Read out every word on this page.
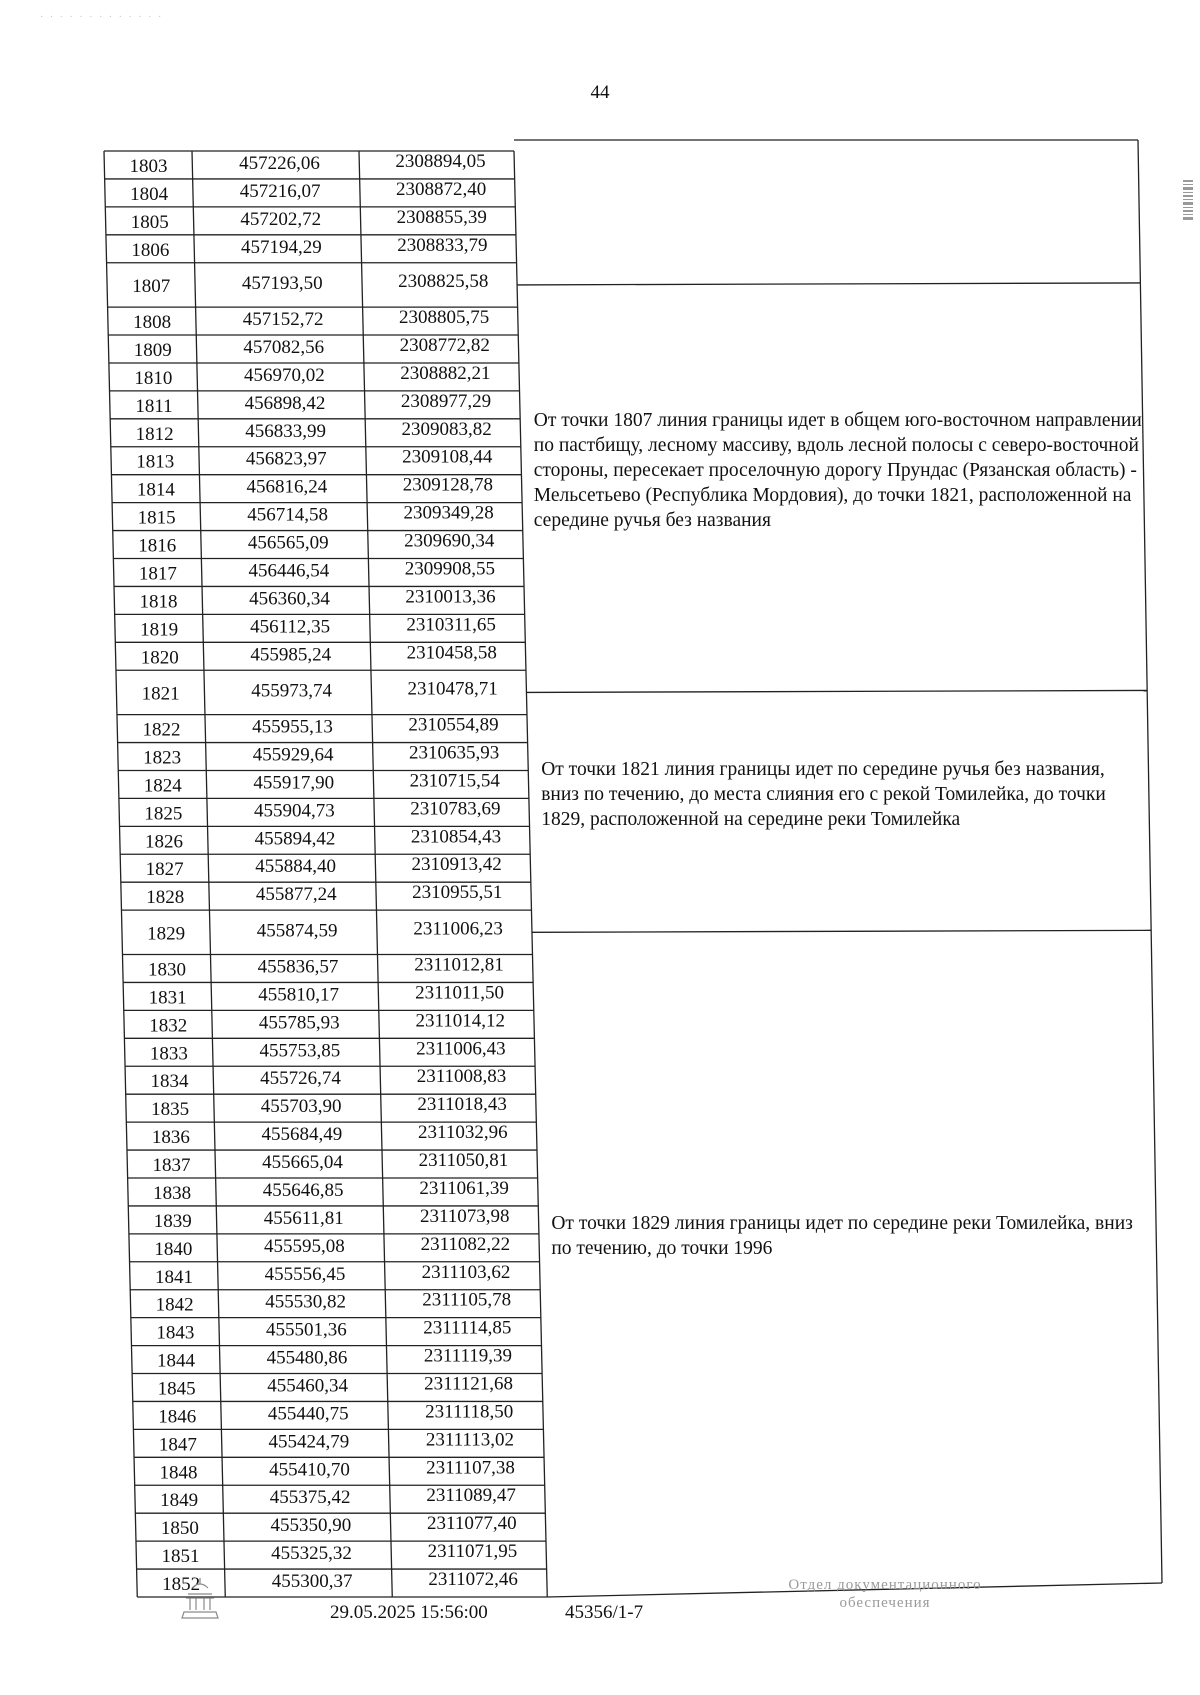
· · · · · · · · · · · · ·
44
1803	457226,06	2308894,05
1804	457216,07	2308872,40
1805	457202,72	2308855,39
1806	457194,29	2308833,79
1807	457193,50	2308825,58
1808	457152,72	2308805,75
1809	457082,56	2308772,82
1810	456970,02	2308882,21
1811	456898,42	2308977,29
1812	456833,99	2309083,82
1813	456823,97	2309108,44
1814	456816,24	2309128,78
1815	456714,58	2309349,28
1816	456565,09	2309690,34
1817	456446,54	2309908,55
1818	456360,34	2310013,36
1819	456112,35	2310311,65
1820	455985,24	2310458,58
1821	455973,74	2310478,71
1822	455955,13	2310554,89
1823	455929,64	2310635,93
1824	455917,90	2310715,54
1825	455904,73	2310783,69
1826	455894,42	2310854,43
1827	455884,40	2310913,42
1828	455877,24	2310955,51
1829	455874,59	2311006,23
1830	455836,57	2311012,81
1831	455810,17	2311011,50
1832	455785,93	2311014,12
1833	455753,85	2311006,43
1834	455726,74	2311008,83
1835	455703,90	2311018,43
1836	455684,49	2311032,96
1837	455665,04	2311050,81
1838	455646,85	2311061,39
1839	455611,81	2311073,98
1840	455595,08	2311082,22
1841	455556,45	2311103,62
1842	455530,82	2311105,78
1843	455501,36	2311114,85
1844	455480,86	2311119,39
1845	455460,34	2311121,68
1846	455440,75	2311118,50
1847	455424,79	2311113,02
1848	455410,70	2311107,38
1849	455375,42	2311089,47
1850	455350,90	2311077,40
1851	455325,32	2311071,95
1852	455300,37	2311072,46
От точки 1807 линия границы идет в общем юго-восточном направлении по пастбищу, лесному массиву, вдоль лесной полосы с северо-восточной стороны, пересекает проселочную дорогу Прундас (Рязанская область) - Мельсетьево (Республика Мордовия), до точки 1821, расположенной на середине ручья без названия
От точки 1821 линия границы идет по середине ручья без названия, вниз по течению, до места слияния его с рекой Томилейка, до точки 1829, расположенной на середине реки Томилейка
От точки 1829 линия границы идет по середине реки Томилейка, вниз по течению, до точки 1996
29.05.2025 15:56:00	45356/1-7
Отдел документационного
обеспечения
